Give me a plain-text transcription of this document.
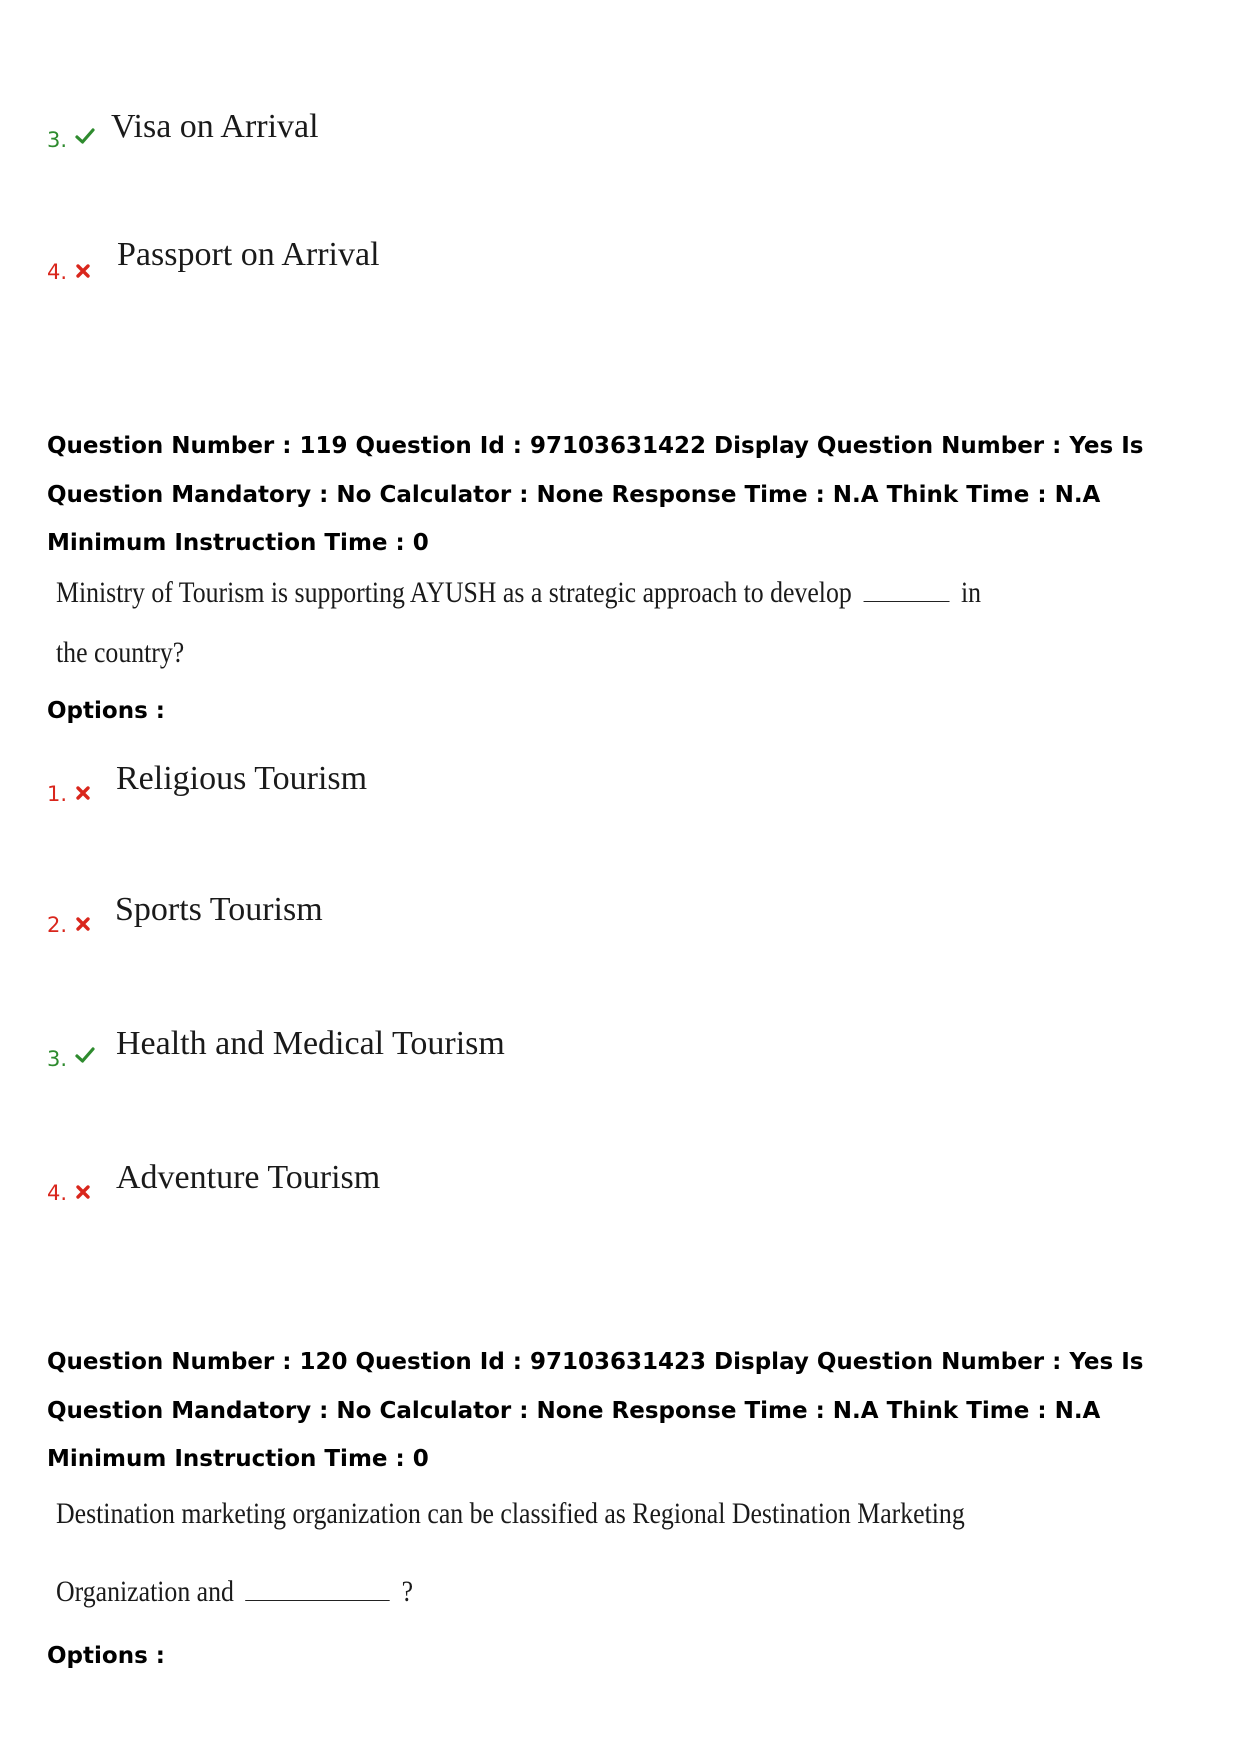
3. Visa on Arrival
4. Passport on Arrival
Question Number : 119 Question Id : 97103631422 Display Question Number : Yes Is Question Mandatory : No Calculator : None Response Time : N.A Think Time : N.A Minimum Instruction Time : 0
Ministry of Tourism is supporting AYUSH as a strategic approach to develop	in
the country?
Options :
1. Religious Tourism
2. Sports Tourism
3. Health and Medical Tourism
4. Adventure Tourism
Question Number : 120 Question Id : 97103631423 Display Question Number : Yes Is Question Mandatory : No Calculator : None Response Time : N.A Think Time : N.A Minimum Instruction Time : 0
Destination marketing organization can be classified as Regional Destination Marketing
Organization and	?
Options :
